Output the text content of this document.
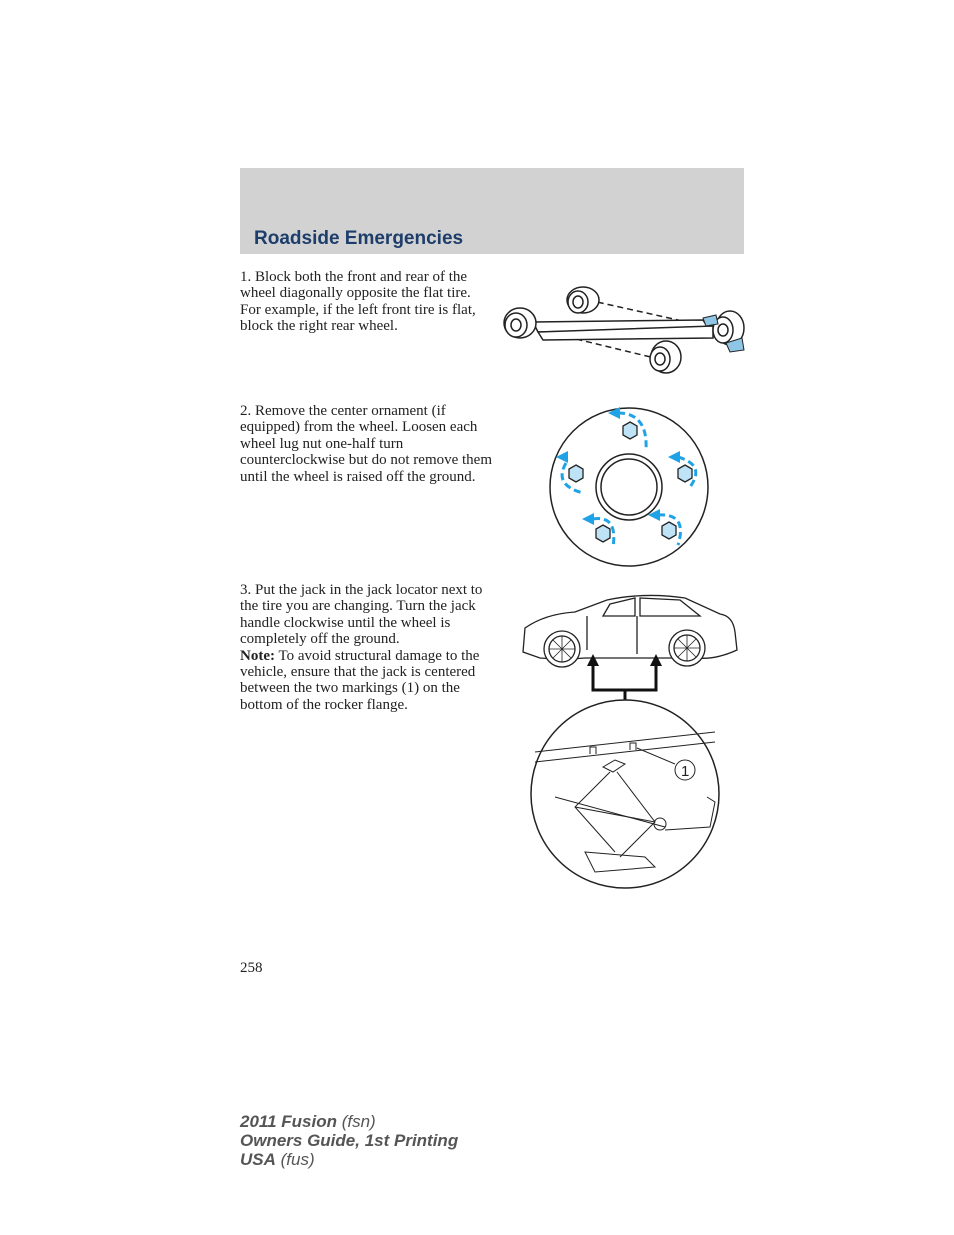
Roadside Emergencies

1. Block both the front and rear of the wheel diagonally opposite the flat tire. For example, if the left front tire is flat, block the right rear wheel.

2. Remove the center ornament (if equipped) from the wheel. Loosen each wheel lug nut one-half turn counterclockwise but do not remove them until the wheel is raised off the ground.

3. Put the jack in the jack locator next to the tire you are changing. Turn the jack handle clockwise until the wheel is completely off the ground.
Note: To avoid structural damage to the vehicle, ensure that the jack is centered between the two markings (1) on the bottom of the rocker flange.

1
258
2011 Fusion (fsn)
Owners Guide, 1st Printing
USA (fus)
